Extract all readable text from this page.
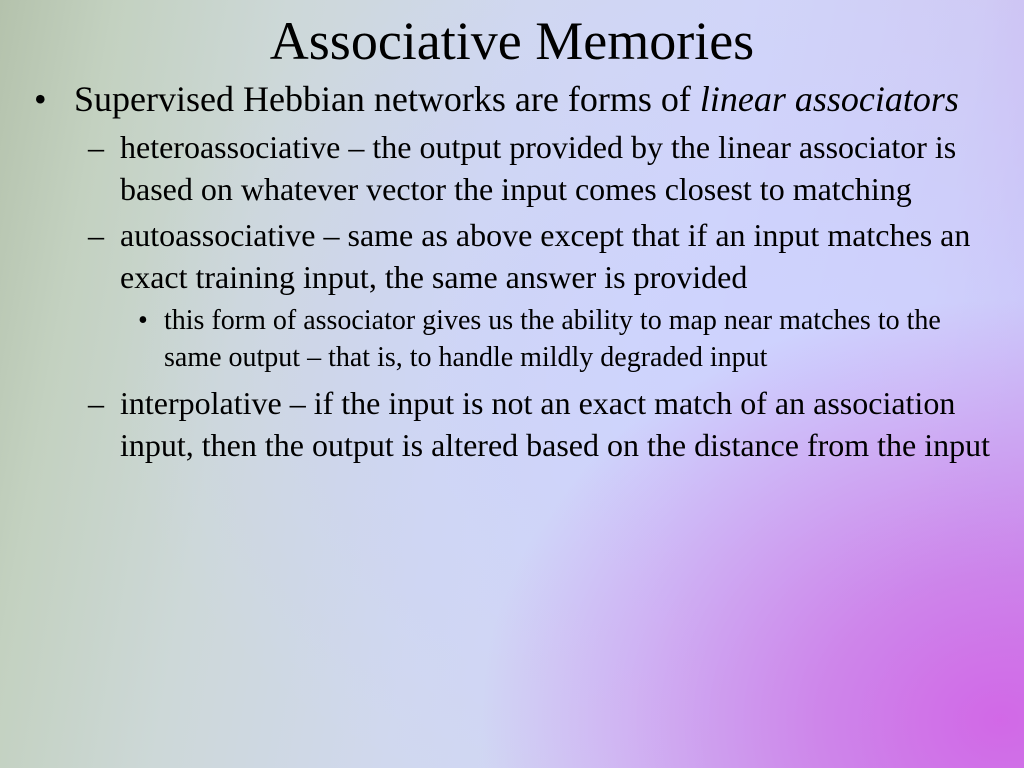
Associative Memories
• Supervised Hebbian networks are forms of linear associators
– heteroassociative – the output provided by the linear associator is based on whatever vector the input comes closest to matching
– autoassociative – same as above except that if an input matches an exact training input, the same answer is provided
• this form of associator gives us the ability to map near matches to the same output – that is, to handle mildly degraded input
– interpolative – if the input is not an exact match of an association input, then the output is altered based on the distance from the input
